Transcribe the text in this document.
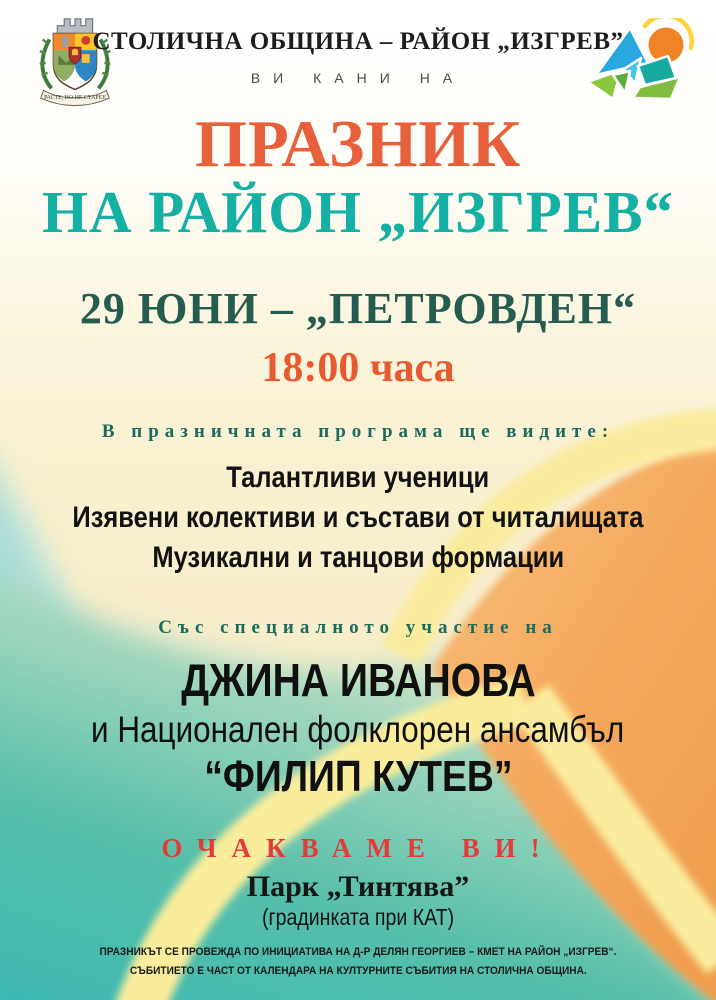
РАСТЕ, НО НЕ СТАРЕЕ
СТОЛИЧНА ОБЩИНА – РАЙОН „ИЗГРЕВ”
ВИ КАНИ НА
ПРАЗНИК
НА РАЙОН „ИЗГРЕВ“
29 ЮНИ – „ПЕТРОВДЕН“
18:00 часа
В празничната програма ще видите:
Талантливи ученици
Изявени колективи и състави от читалищата
Музикални и танцови формации
Със специалното участие на
ДЖИНА ИВАНОВА
и Национален фолклорен ансамбъл
“ФИЛИП КУТЕВ”
ОЧАКВАМЕ ВИ!
Парк „Тинтява”
(градинката при КАТ)
ПРАЗНИКЪТ СЕ ПРОВЕЖДА ПО ИНИЦИАТИВА НА Д-Р ДЕЛЯН ГЕОРГИЕВ – КМЕТ НА РАЙОН „ИЗГРЕВ“.
СЪБИТИЕТО Е ЧАСТ ОТ КАЛЕНДАРА НА КУЛТУРНИТЕ СЪБИТИЯ НА СТОЛИЧНА ОБЩИНА.
